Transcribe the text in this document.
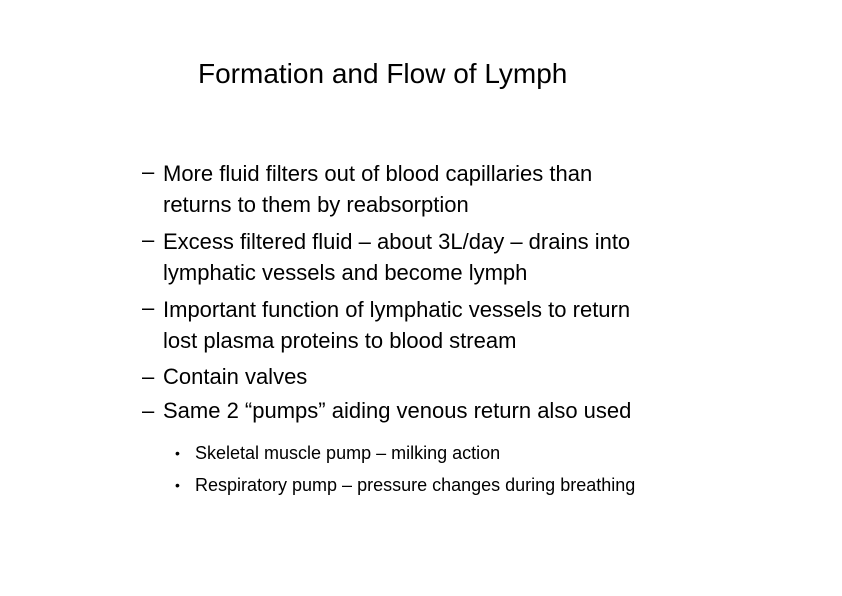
Formation and Flow of Lymph
– More fluid filters out of blood capillaries than
returns to them by reabsorption
– Excess filtered fluid – about 3L/day – drains into
lymphatic vessels and become lymph
– Important function of lymphatic vessels to return
lost plasma proteins to blood stream
– Contain valves
– Same 2 “pumps” aiding venous return also used
• Skeletal muscle pump – milking action
• Respiratory pump – pressure changes during breathing
